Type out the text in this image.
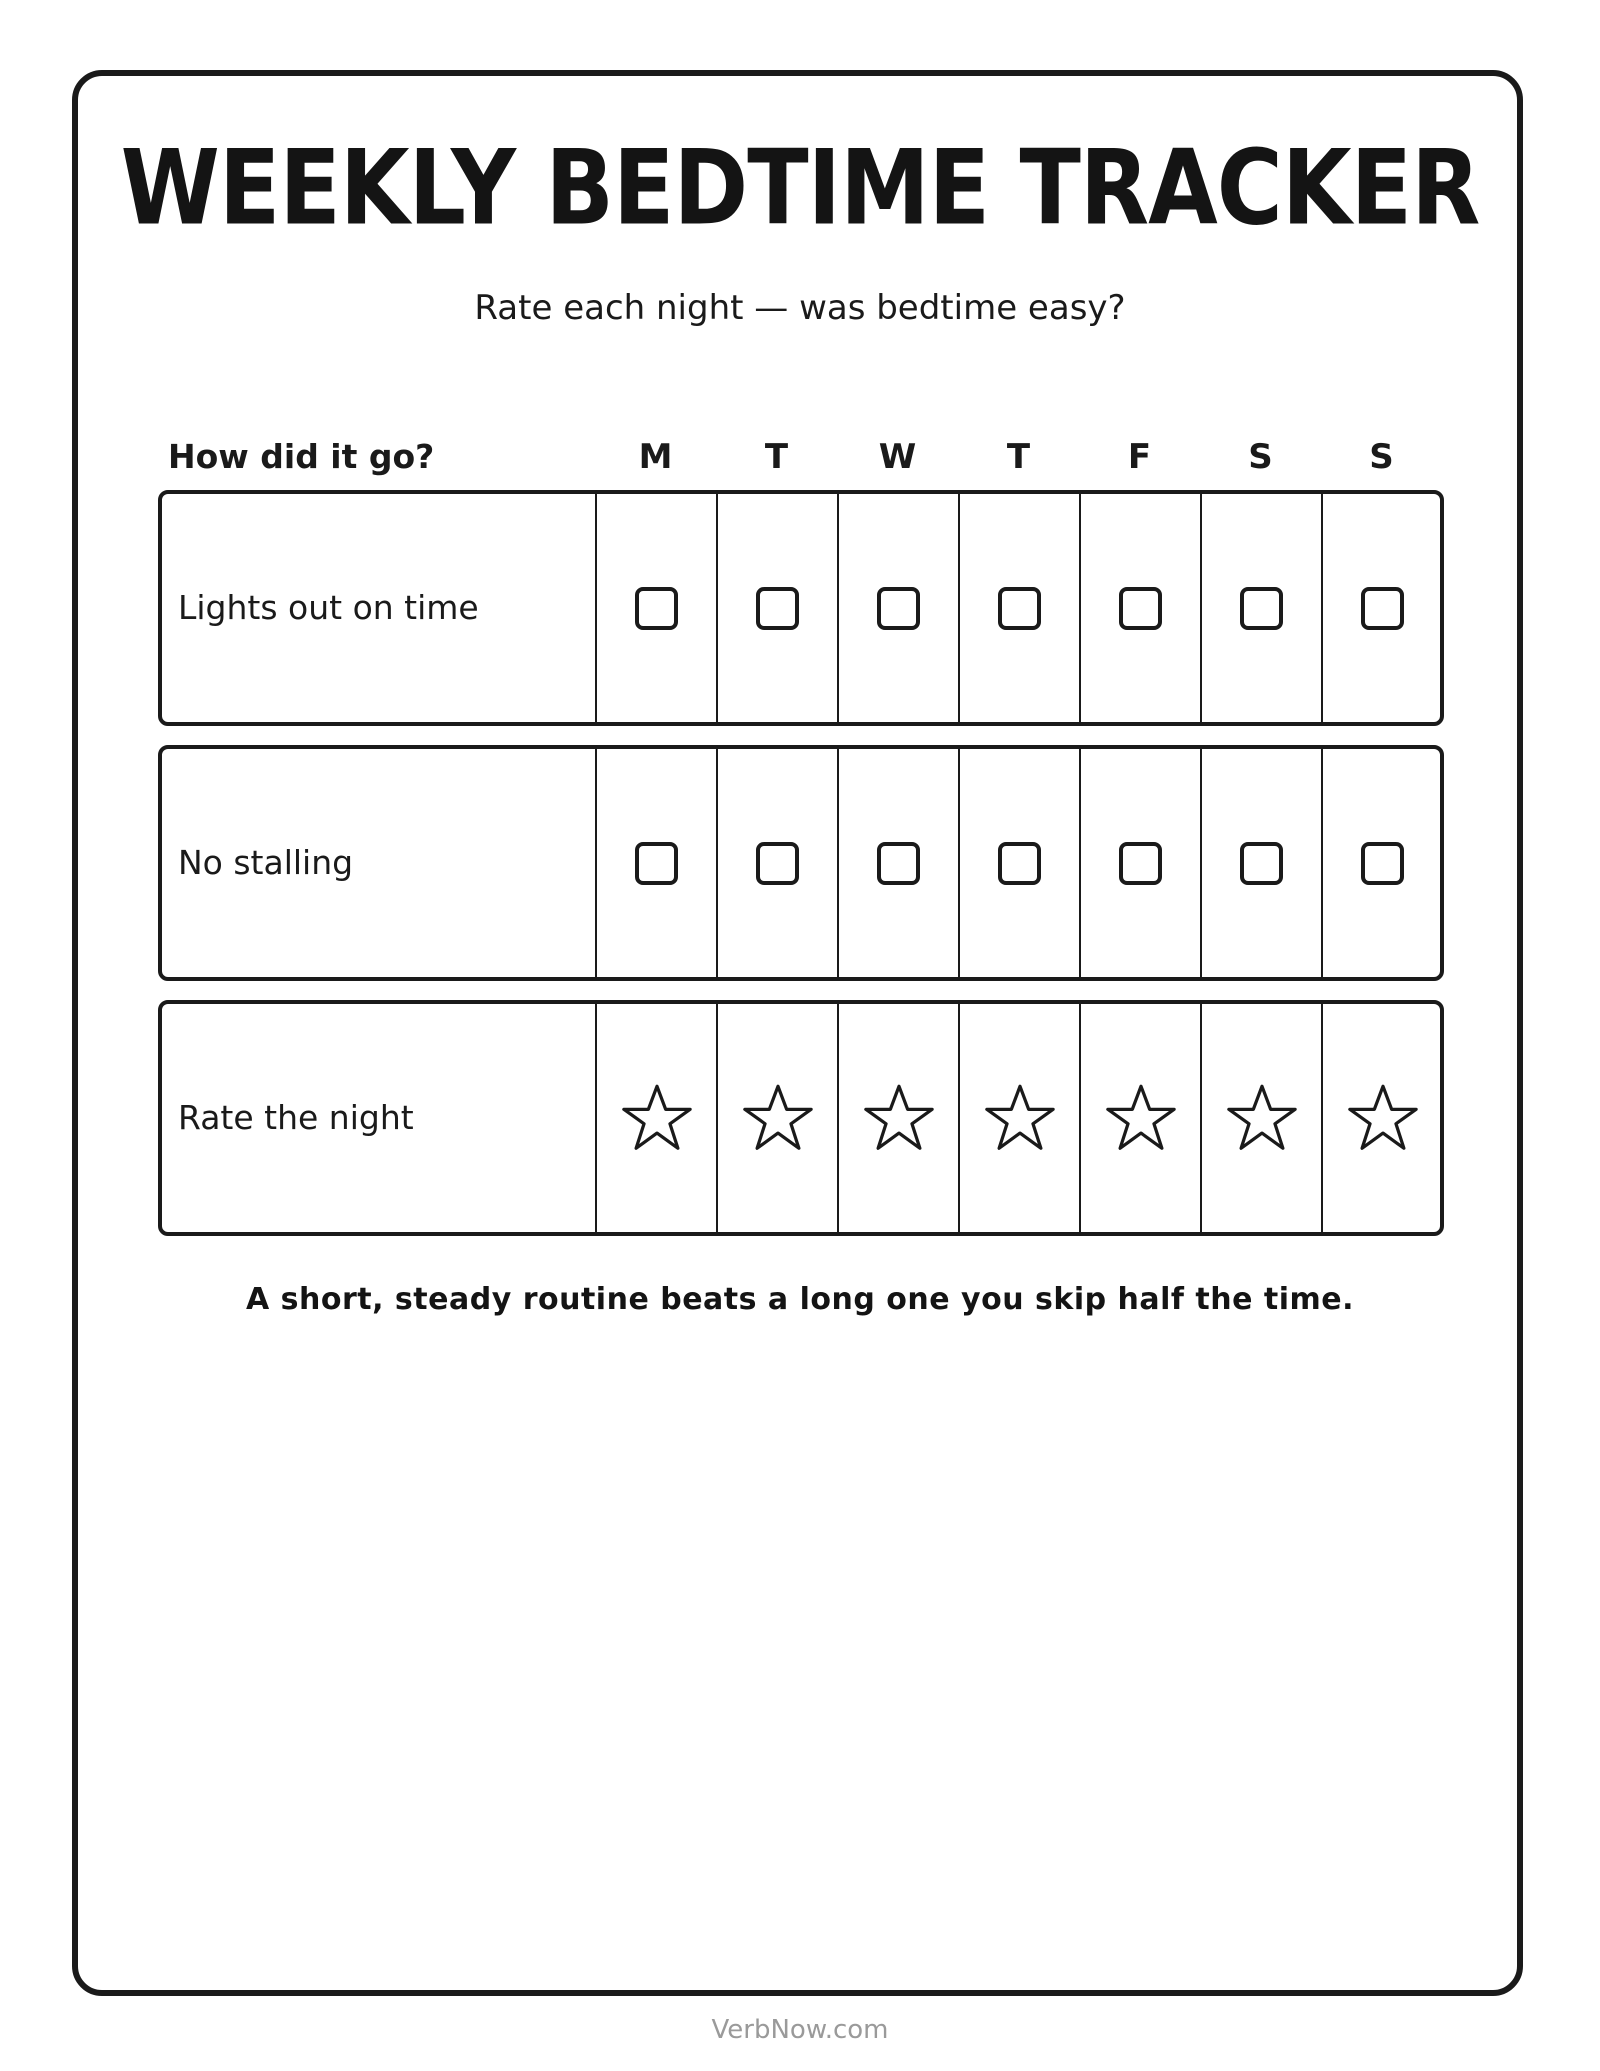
WEEKLY BEDTIME TRACKER
Rate each night — was bedtime easy?
How did it go?	M	T	W	T	F	S	S
Lights out on time
No stalling
Rate the night
A short, steady routine beats a long one you skip half the time.
VerbNow.com
